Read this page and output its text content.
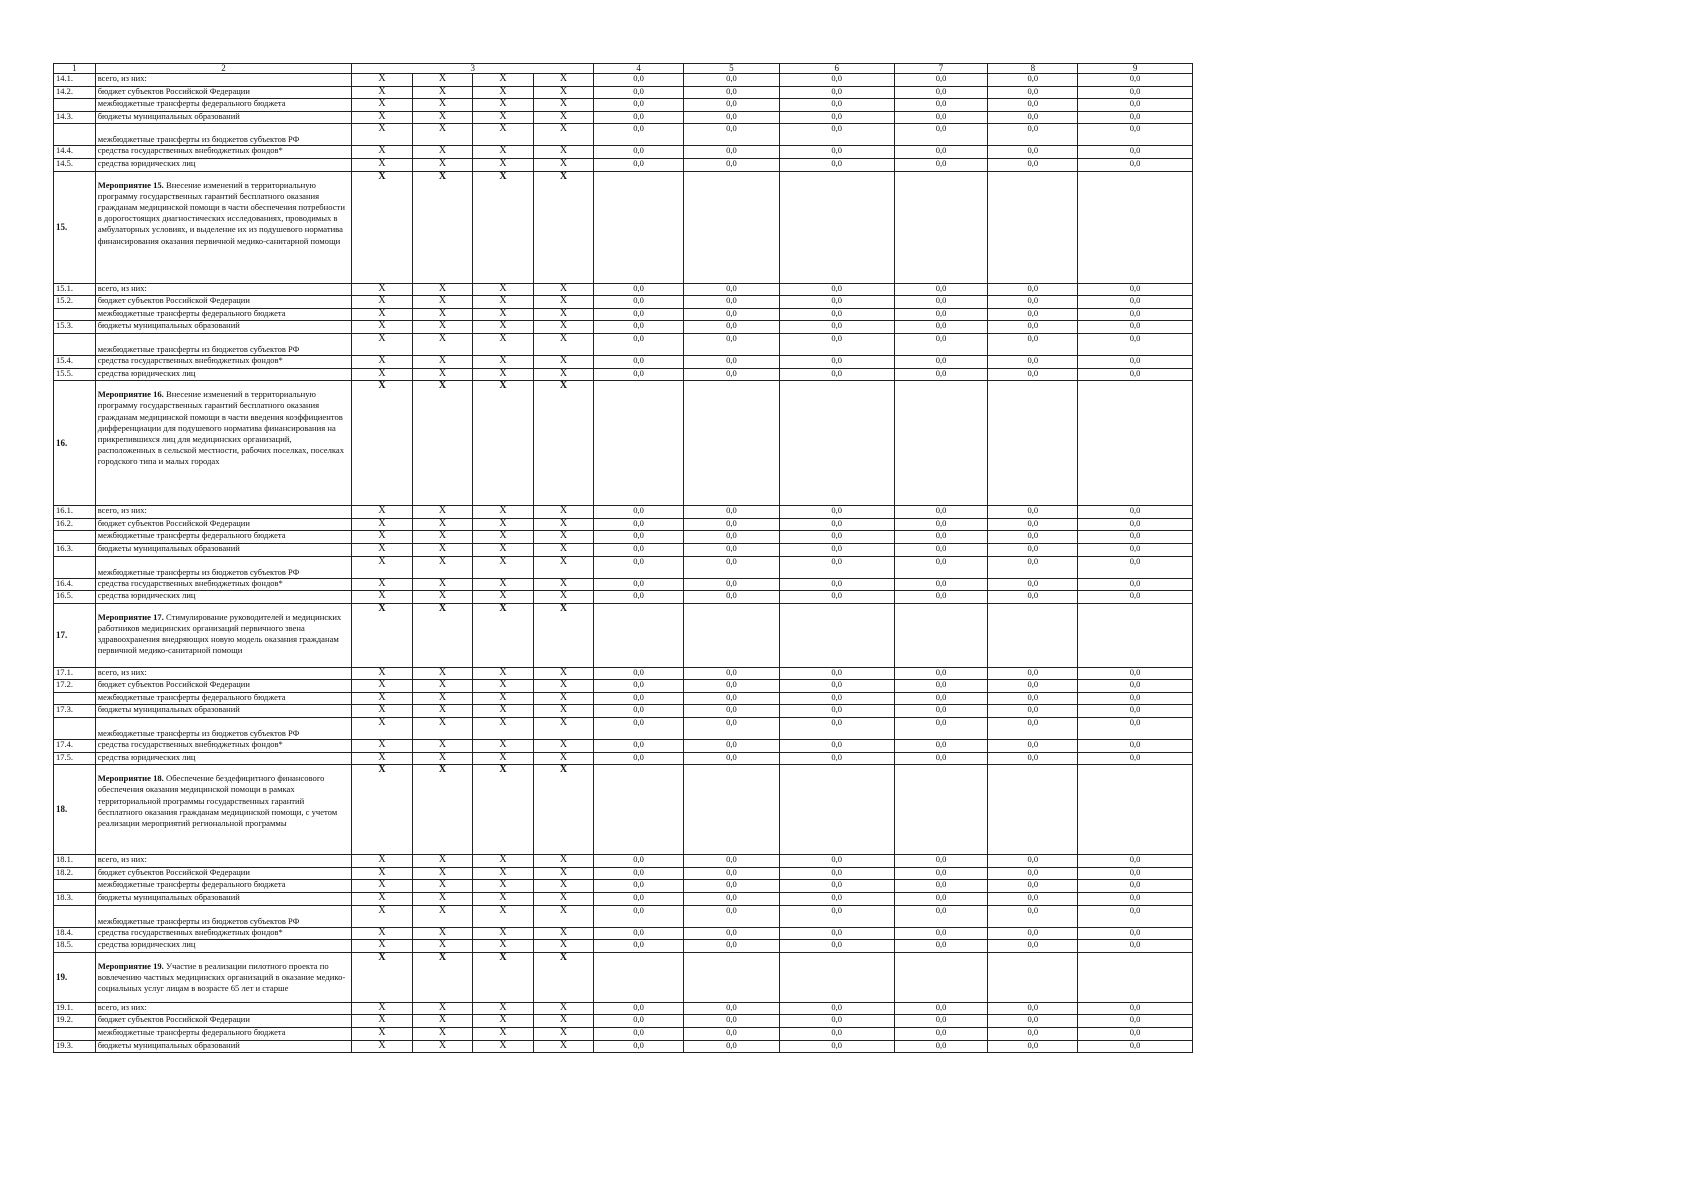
1	2	3				4	5	6	7	8	9
14.1.	всего, из них:	X	X	X	X	0,0	0,0	0,0	0,0	0,0	0,0
14.2.	бюджет субъектов Российской Федерации	X	X	X	X	0,0	0,0	0,0	0,0	0,0	0,0
	межбюджетные трансферты федерального бюджета	X	X	X	X	0,0	0,0	0,0	0,0	0,0	0,0
14.3.	бюджеты муниципальных образований	X	X	X	X	0,0	0,0	0,0	0,0	0,0	0,0
	межбюджетные трансферты из бюджетов субъектов РФ	X	X	X	X	0,0	0,0	0,0	0,0	0,0	0,0
14.4.	средства государственных внебюджетных фондов*	X	X	X	X	0,0	0,0	0,0	0,0	0,0	0,0
14.5.	средства юридических лиц	X	X	X	X	0,0	0,0	0,0	0,0	0,0	0,0
15.	Мероприятие 15. Внесение изменений в территориальную программу государственных гарантий бесплатного оказания гражданам медицинской помощи в части обеспечения потребности в дорогостоящих диагностических исследованиях, проводимых в амбулаторных условиях, и выделение их из подушевого норматива финансирования оказания первичной медико-санитарной помощи	X	X	X	X						
15.1.	всего, из них:	X	X	X	X	0,0	0,0	0,0	0,0	0,0	0,0
15.2.	бюджет субъектов Российской Федерации	X	X	X	X	0,0	0,0	0,0	0,0	0,0	0,0
	межбюджетные трансферты федерального бюджета	X	X	X	X	0,0	0,0	0,0	0,0	0,0	0,0
15.3.	бюджеты муниципальных образований	X	X	X	X	0,0	0,0	0,0	0,0	0,0	0,0
	межбюджетные трансферты из бюджетов субъектов РФ	X	X	X	X	0,0	0,0	0,0	0,0	0,0	0,0
15.4.	средства государственных внебюджетных фондов*	X	X	X	X	0,0	0,0	0,0	0,0	0,0	0,0
15.5.	средства юридических лиц	X	X	X	X	0,0	0,0	0,0	0,0	0,0	0,0
16.	Мероприятие 16. Внесение изменений в территориальную программу государственных гарантий бесплатного оказания гражданам медицинской помощи в части введения коэффициентов дифференциации для подушевого норматива финансирования на прикрепившихся лиц для медицинских организаций, расположенных в сельской местности, рабочих поселках, поселках городского типа и малых городах	X	X	X	X						
16.1.	всего, из них:	X	X	X	X	0,0	0,0	0,0	0,0	0,0	0,0
16.2.	бюджет субъектов Российской Федерации	X	X	X	X	0,0	0,0	0,0	0,0	0,0	0,0
	межбюджетные трансферты федерального бюджета	X	X	X	X	0,0	0,0	0,0	0,0	0,0	0,0
16.3.	бюджеты муниципальных образований	X	X	X	X	0,0	0,0	0,0	0,0	0,0	0,0
	межбюджетные трансферты из бюджетов субъектов РФ	X	X	X	X	0,0	0,0	0,0	0,0	0,0	0,0
16.4.	средства государственных внебюджетных фондов*	X	X	X	X	0,0	0,0	0,0	0,0	0,0	0,0
16.5.	средства юридических лиц	X	X	X	X	0,0	0,0	0,0	0,0	0,0	0,0
17.	Мероприятие 17. Стимулирование руководителей и медицинских работников медицинских организаций первичного звена здравоохранения внедряющих новую модель оказания гражданам первичной медико-санитарной помощи	X	X	X	X						
17.1.	всего, из них:	X	X	X	X	0,0	0,0	0,0	0,0	0,0	0,0
17.2.	бюджет субъектов Российской Федерации	X	X	X	X	0,0	0,0	0,0	0,0	0,0	0,0
	межбюджетные трансферты федерального бюджета	X	X	X	X	0,0	0,0	0,0	0,0	0,0	0,0
17.3.	бюджеты муниципальных образований	X	X	X	X	0,0	0,0	0,0	0,0	0,0	0,0
	межбюджетные трансферты из бюджетов субъектов РФ	X	X	X	X	0,0	0,0	0,0	0,0	0,0	0,0
17.4.	средства государственных внебюджетных фондов*	X	X	X	X	0,0	0,0	0,0	0,0	0,0	0,0
17.5.	средства юридических лиц	X	X	X	X	0,0	0,0	0,0	0,0	0,0	0,0
18.	Мероприятие 18. Обеспечение бездефицитного финансового обеспечения оказания медицинской помощи в рамках территориальной программы государственных гарантий бесплатного оказания гражданам медицинской помощи, с учетом реализации мероприятий региональной программы	X	X	X	X						
18.1.	всего, из них:	X	X	X	X	0,0	0,0	0,0	0,0	0,0	0,0
18.2.	бюджет субъектов Российской Федерации	X	X	X	X	0,0	0,0	0,0	0,0	0,0	0,0
	межбюджетные трансферты федерального бюджета	X	X	X	X	0,0	0,0	0,0	0,0	0,0	0,0
18.3.	бюджеты муниципальных образований	X	X	X	X	0,0	0,0	0,0	0,0	0,0	0,0
	межбюджетные трансферты из бюджетов субъектов РФ	X	X	X	X	0,0	0,0	0,0	0,0	0,0	0,0
18.4.	средства государственных внебюджетных фондов*	X	X	X	X	0,0	0,0	0,0	0,0	0,0	0,0
18.5.	средства юридических лиц	X	X	X	X	0,0	0,0	0,0	0,0	0,0	0,0
19.	Мероприятие 19. Участие в реализации пилотного проекта по вовлечению частных медицинских организаций в оказание медико-социальных услуг лицам в возрасте 65 лет и старше	X	X	X	X						
19.1.	всего, из них:	X	X	X	X	0,0	0,0	0,0	0,0	0,0	0,0
19.2.	бюджет субъектов Российской Федерации	X	X	X	X	0,0	0,0	0,0	0,0	0,0	0,0
	межбюджетные трансферты федерального бюджета	X	X	X	X	0,0	0,0	0,0	0,0	0,0	0,0
19.3.	бюджеты муниципальных образований	X	X	X	X	0,0	0,0	0,0	0,0	0,0	0,0
